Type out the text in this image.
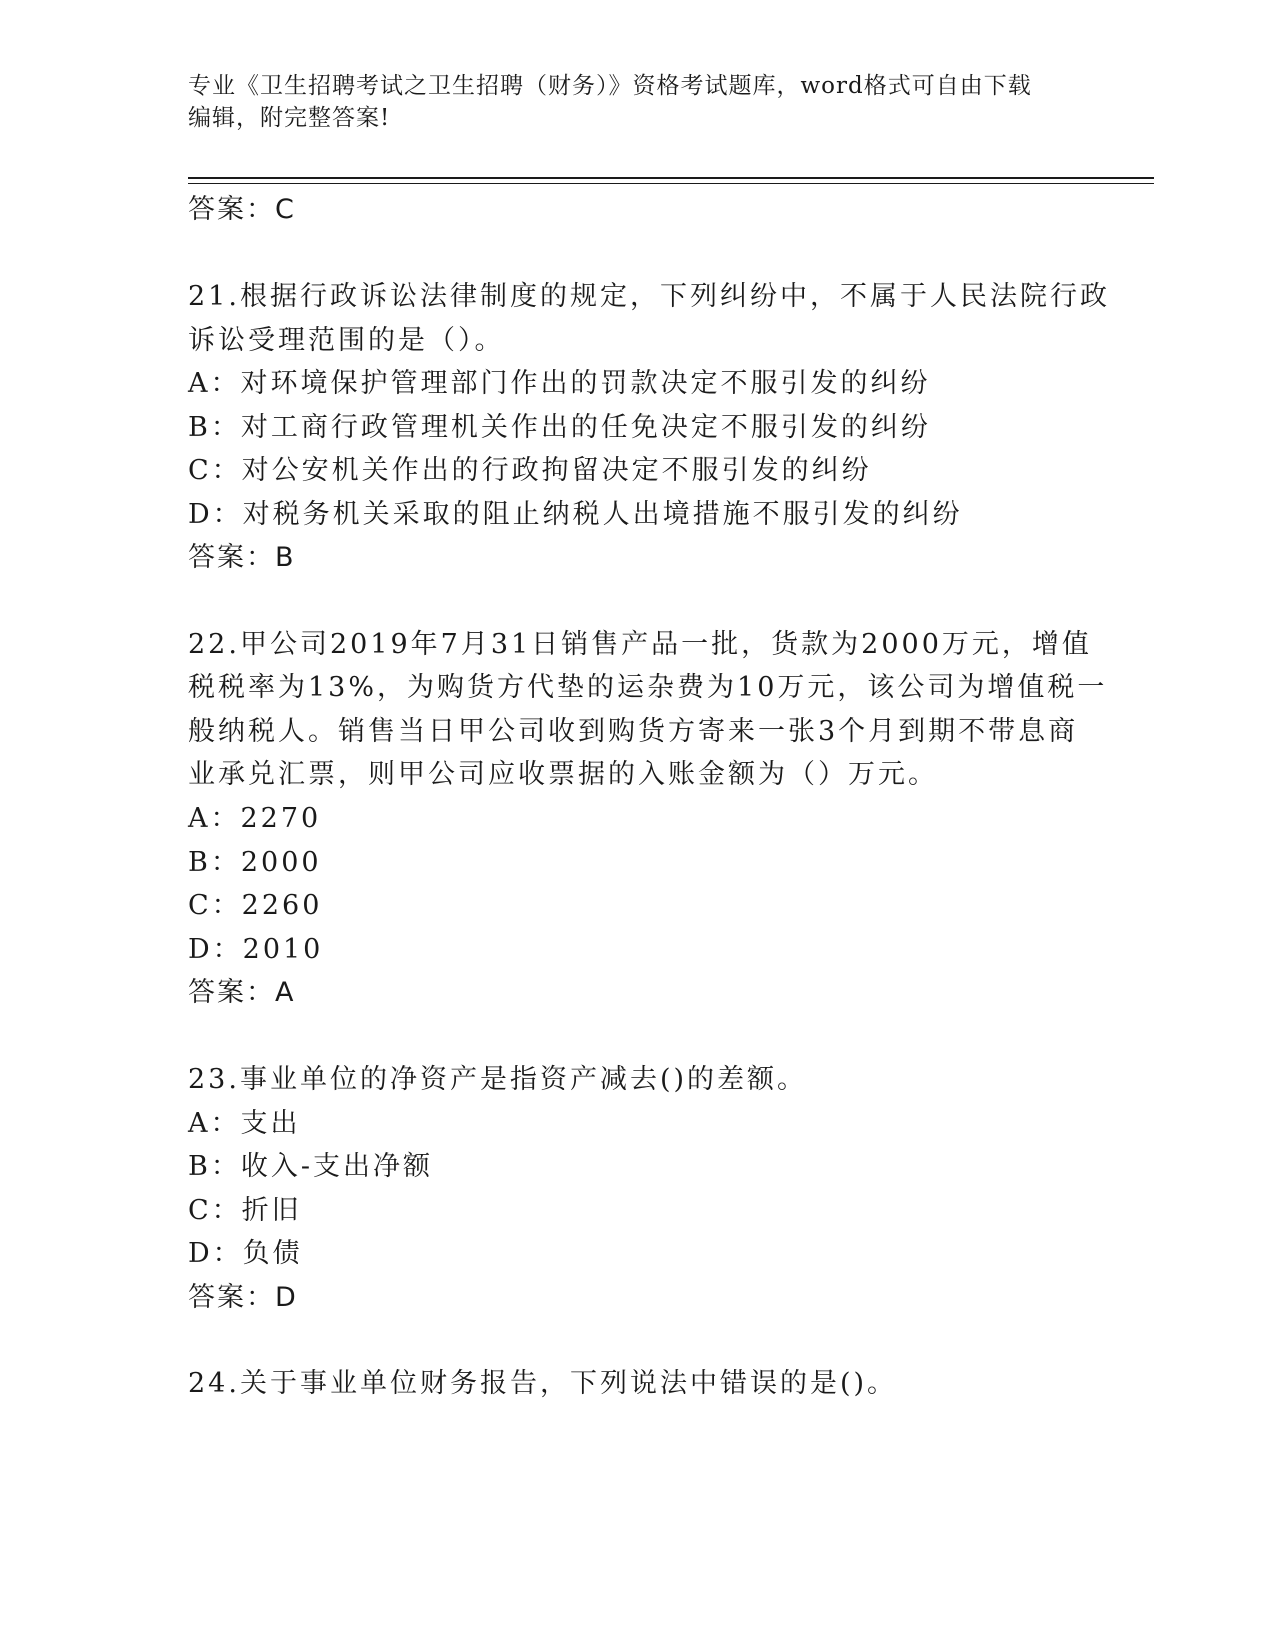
专业《卫生招聘考试之卫生招聘（财务）》资格考试题库，word格式可自由下载
编辑，附完整答案!
答案：C
21.根据行政诉讼法律制度的规定，下列纠纷中，不属于人民法院行政
诉讼受理范围的是（）。
A：对环境保护管理部门作出的罚款决定不服引发的纠纷
B：对工商行政管理机关作出的任免决定不服引发的纠纷
C：对公安机关作出的行政拘留决定不服引发的纠纷
D：对税务机关采取的阻止纳税人出境措施不服引发的纠纷
答案：B
22.甲公司2019年7月31日销售产品一批，货款为2000万元，增值
税税率为13%，为购货方代垫的运杂费为10万元，该公司为增值税一
般纳税人。销售当日甲公司收到购货方寄来一张3个月到期不带息商
业承兑汇票，则甲公司应收票据的入账金额为（）万元。
A：2270
B：2000
C：2260
D：2010
答案：A
23.事业单位的净资产是指资产减去()的差额。
A：支出
B：收入-支出净额
C：折旧
D：负债
答案：D
24.关于事业单位财务报告，下列说法中错误的是()。
